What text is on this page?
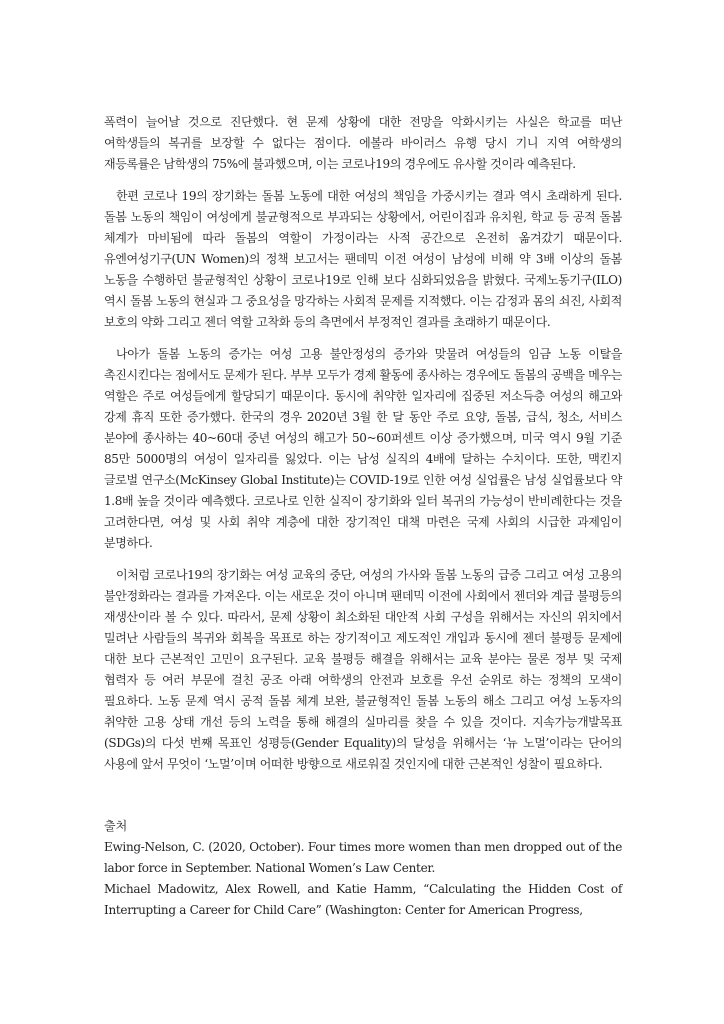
폭력이 늘어날 것으로 진단했다. 현 문제 상황에 대한 전망을 악화시키는 사실은 학교를 떠난 여학생들의 복귀를 보장할 수 없다는 점이다. 에볼라 바이러스 유행 당시 기니 지역 여학생의 재등록률은 남학생의 75%에 불과했으며, 이는 코로나19의 경우에도 유사할 것이라 예측된다.

한편 코로나 19의 장기화는 돌봄 노동에 대한 여성의 책임을 가중시키는 결과 역시 초래하게 된다. 돌봄 노동의 책임이 여성에게 불균형적으로 부과되는 상황에서, 어린이집과 유치원, 학교 등 공적 돌봄 체계가 마비됨에 따라 돌봄의 역할이 가정이라는 사적 공간으로 온전히 옮겨갔기 때문이다. 유엔여성기구(UN Women)의 정책 보고서는 팬데믹 이전 여성이 남성에 비해 약 3배 이상의 돌봄 노동을 수행하던 불균형적인 상황이 코로나19로 인해 보다 심화되었음을 밝혔다. 국제노동기구(ILO) 역시 돌봄 노동의 현실과 그 중요성을 망각하는 사회적 문제를 지적했다. 이는 감정과 몸의 쇠진, 사회적 보호의 약화 그리고 젠더 역할 고착화 등의 측면에서 부정적인 결과를 초래하기 때문이다.

나아가 돌봄 노동의 증가는 여성 고용 불안정성의 증가와 맞물려 여성들의 임금 노동 이탈을 촉진시킨다는 점에서도 문제가 된다. 부부 모두가 경제 활동에 종사하는 경우에도 돌봄의 공백을 메우는 역할은 주로 여성들에게 할당되기 때문이다. 동시에 취약한 일자리에 집중된 저소득층 여성의 해고와 강제 휴직 또한 증가했다. 한국의 경우 2020년 3월 한 달 동안 주로 요양, 돌봄, 급식, 청소, 서비스 분야에 종사하는 40~60대 중년 여성의 해고가 50~60퍼센트 이상 증가했으며, 미국 역시 9월 기준 85만 5000명의 여성이 일자리를 잃었다. 이는 남성 실직의 4배에 달하는 수치이다. 또한, 맥킨지 글로벌 연구소(McKinsey Global Institute)는 COVID-19로 인한 여성 실업률은 남성 실업률보다 약 1.8배 높을 것이라 예측했다. 코로나로 인한 실직이 장기화와 일터 복귀의 가능성이 반비례한다는 것을 고려한다면, 여성 및 사회 취약 계층에 대한 장기적인 대책 마련은 국제 사회의 시급한 과제임이 분명하다.

이처럼 코로나19의 장기화는 여성 교육의 중단, 여성의 가사와 돌봄 노동의 급증 그리고 여성 고용의 불안정화라는 결과를 가져온다. 이는 새로운 것이 아니며 팬데믹 이전에 사회에서 젠더와 계급 불평등의 재생산이라 볼 수 있다. 따라서, 문제 상황이 최소화된 대안적 사회 구성을 위해서는 자신의 위치에서 밀려난 사람들의 복귀와 회복을 목표로 하는 장기적이고 제도적인 개입과 동시에 젠더 불평등 문제에 대한 보다 근본적인 고민이 요구된다. 교육 불평등 해결을 위해서는 교육 분야는 물론 정부 및 국제 협력자 등 여러 부문에 걸친 공조 아래 여학생의 안전과 보호를 우선 순위로 하는 정책의 모색이 필요하다. 노동 문제 역시 공적 돌봄 체계 보완, 불균형적인 돌봄 노동의 해소 그리고 여성 노동자의 취약한 고용 상태 개선 등의 노력을 통해 해결의 실마리를 찾을 수 있을 것이다. 지속가능개발목표(SDGs)의 다섯 번째 목표인 성평등(Gender Equality)의 달성을 위해서는 ‘뉴 노멀’이라는 단어의 사용에 앞서 무엇이 ‘노멀’이며 어떠한 방향으로 새로워질 것인지에 대한 근본적인 성찰이 필요하다.

출처

Ewing-Nelson, C. (2020, October). Four times more women than men dropped out of the labor force in September. National Women’s Law Center.

Michael Madowitz, Alex Rowell, and Katie Hamm, “Calculating the Hidden Cost of Interrupting a Career for Child Care” (Washington: Center for American Progress,
